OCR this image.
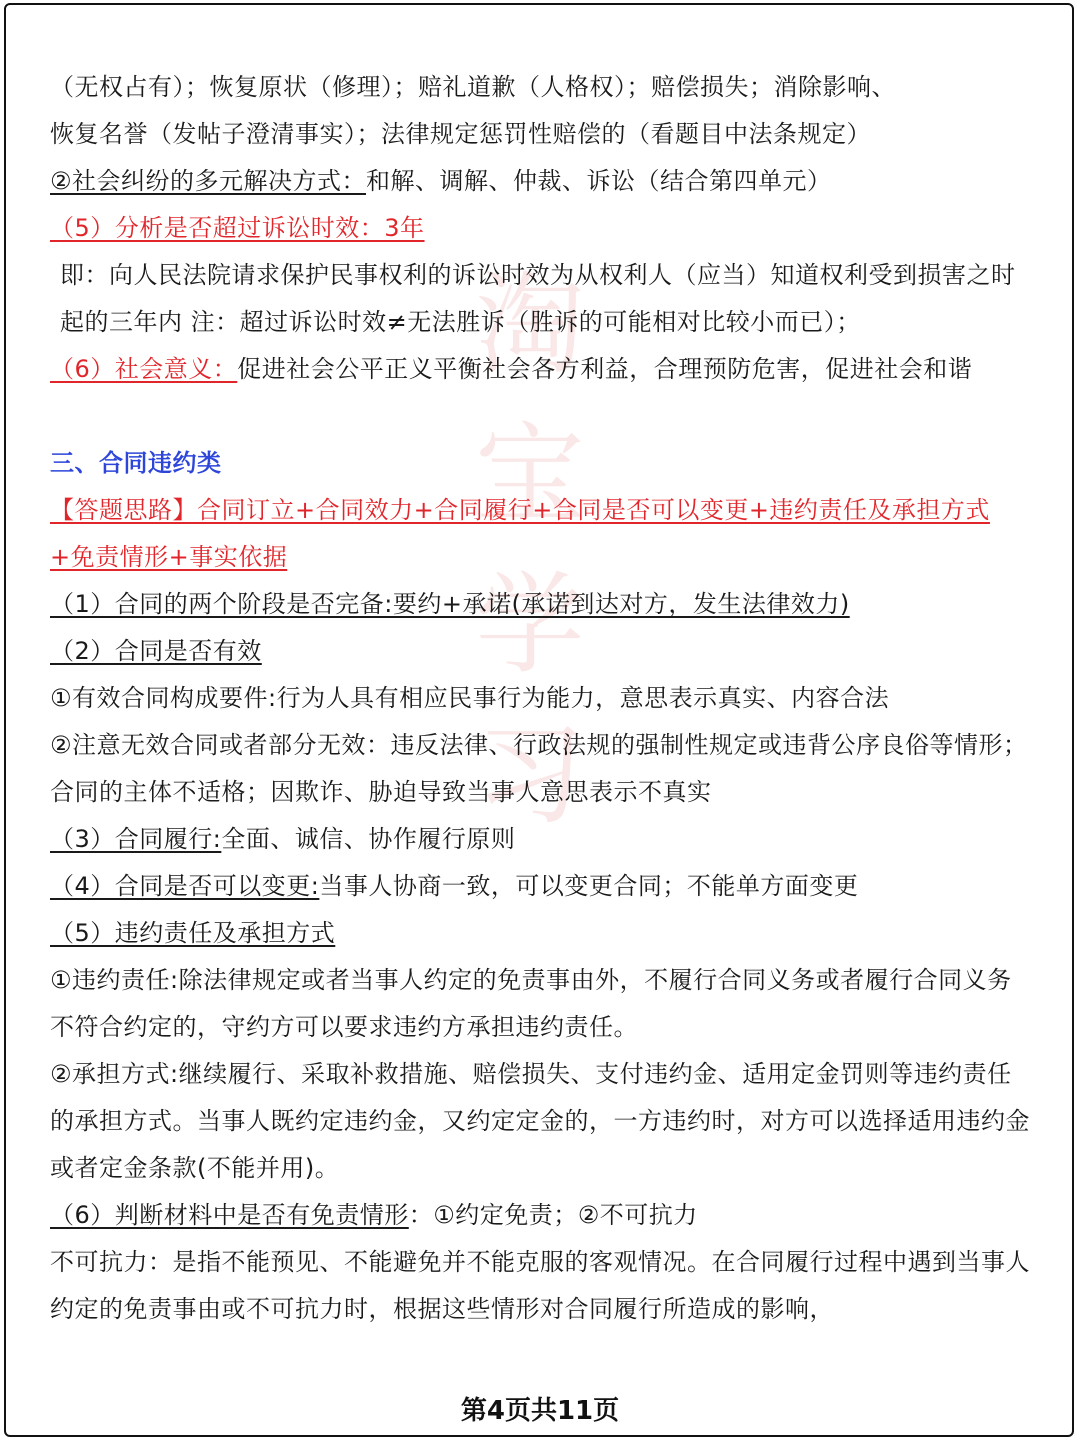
淘宝学习
（无权占有）；恢复原状（修理）；赔礼道歉（人格权）；赔偿损失；消除影响、
恢复名誉（发帖子澄清事实）；法律规定惩罚性赔偿的（看题目中法条规定）
②社会纠纷的多元解决方式：和解、调解、仲裁、诉讼（结合第四单元）
（5）分析是否超过诉讼时效：3年
即：向人民法院请求保护民事权利的诉讼时效为从权利人（应当）知道权利受到损害之时起的三年内 注：超过诉讼时效≠无法胜诉（胜诉的可能相对比较小而已）；
（6）社会意义：促进社会公平正义平衡社会各方利益，合理预防危害，促进社会和谐
三、合同违约类
【答题思路】合同订立+合同效力+合同履行+合同是否可以变更+违约责任及承担方式+免责情形+事实依据
（1）合同的两个阶段是否完备:要约+承诺(承诺到达对方，发生法律效力)
（2）合同是否有效
①有效合同构成要件:行为人具有相应民事行为能力，意思表示真实、内容合法
②注意无效合同或者部分无效：违反法律、行政法规的强制性规定或违背公序良俗等情形；合同的主体不适格；因欺诈、胁迫导致当事人意思表示不真实
（3）合同履行:全面、诚信、协作履行原则
（4）合同是否可以变更:当事人协商一致，可以变更合同；不能单方面变更
（5）违约责任及承担方式
①违约责任:除法律规定或者当事人约定的免责事由外，不履行合同义务或者履行合同义务不符合约定的，守约方可以要求违约方承担违约责任。
②承担方式:继续履行、采取补救措施、赔偿损失、支付违约金、适用定金罚则等违约责任的承担方式。当事人既约定违约金，又约定定金的，一方违约时，对方可以选择适用违约金或者定金条款(不能并用)。
（6）判断材料中是否有免责情形：①约定免责；②不可抗力
不可抗力：是指不能预见、不能避免并不能克服的客观情况。在合同履行过程中遇到当事人约定的免责事由或不可抗力时，根据这些情形对合同履行所造成的影响，
第4页共11页
